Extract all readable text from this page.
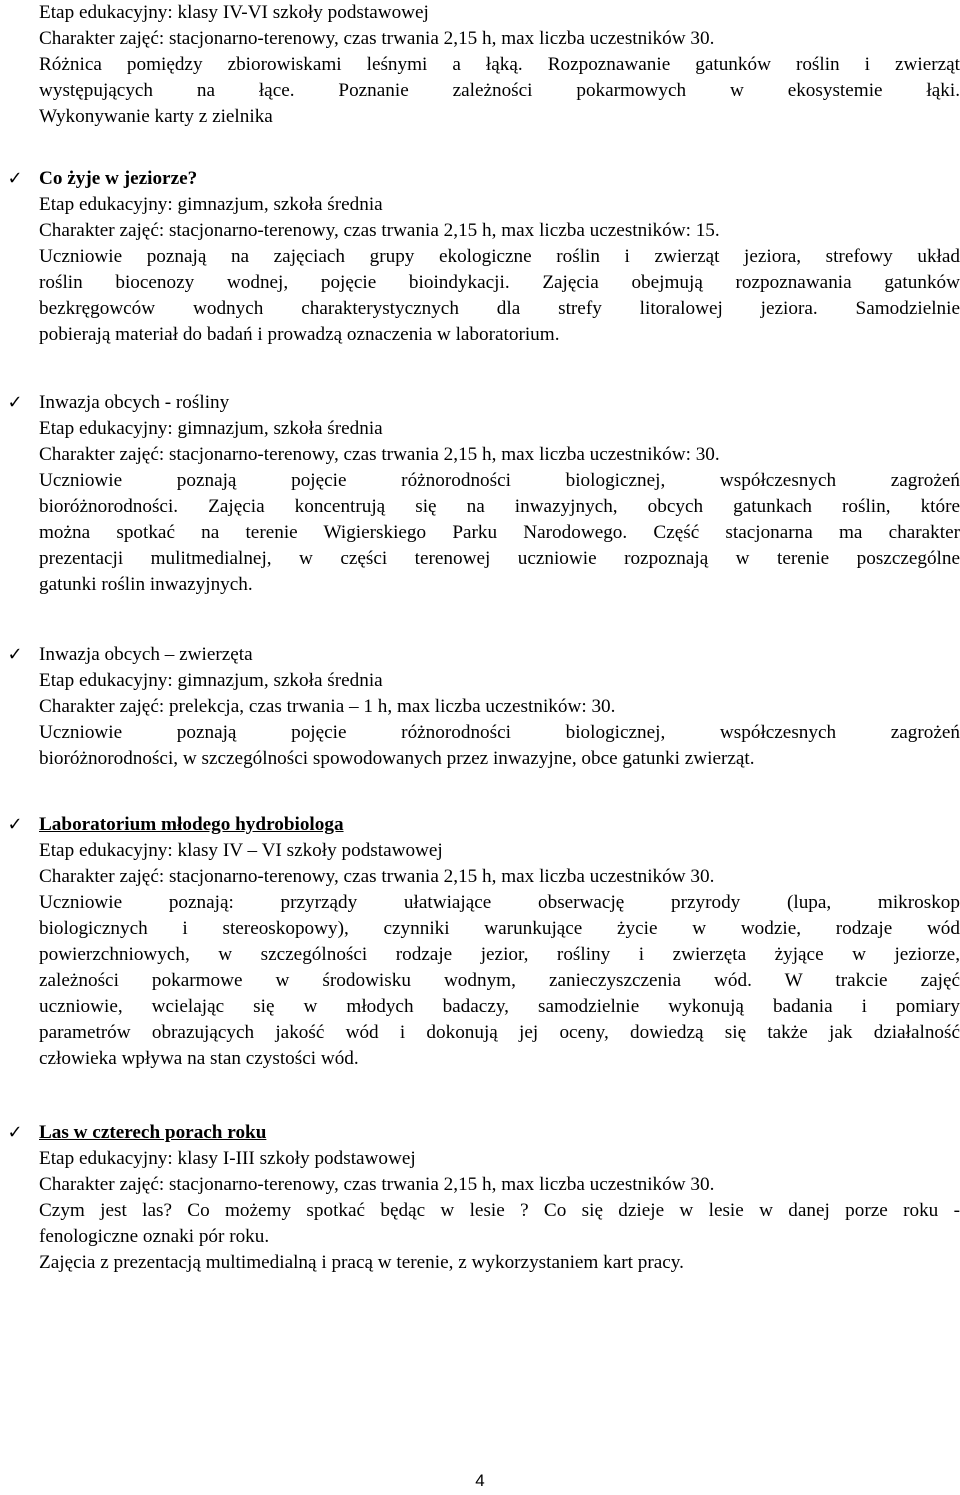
Etap edukacyjny: klasy IV-VI szkoły podstawowej
Charakter zajęć: stacjonarno-terenowy, czas trwania 2,15 h, max liczba uczestników 30.
Różnica pomiędzy zbiorowiskami leśnymi a łąką. Rozpoznawanie gatunków roślin i zwierząt
występujących na łące. Poznanie zależności pokarmowych w ekosystemie łąki.
Wykonywanie karty z zielnika
✓ Co żyje w jeziorze?
Etap edukacyjny: gimnazjum, szkoła średnia
Charakter zajęć: stacjonarno-terenowy, czas trwania 2,15 h, max liczba uczestników: 15.
Uczniowie poznają na zajęciach grupy ekologiczne roślin i zwierząt jeziora, strefowy układ
roślin biocenozy wodnej, pojęcie bioindykacji. Zajęcia obejmują rozpoznawania gatunków
bezkręgowców wodnych charakterystycznych dla strefy litoralowej jeziora. Samodzielnie
pobierają materiał do badań i prowadzą oznaczenia w laboratorium.
✓ Inwazja obcych - rośliny
Etap edukacyjny: gimnazjum, szkoła średnia
Charakter zajęć: stacjonarno-terenowy, czas trwania 2,15 h, max liczba uczestników: 30.
Uczniowie poznają pojęcie różnorodności biologicznej, współczesnych zagrożeń
bioróżnorodności. Zajęcia koncentrują się na inwazyjnych, obcych gatunkach roślin, które
można spotkać na terenie Wigierskiego Parku Narodowego. Część stacjonarna ma charakter
prezentacji mulitmedialnej, w części terenowej uczniowie rozpoznają w terenie poszczególne
gatunki roślin inwazyjnych.
✓ Inwazja obcych – zwierzęta
Etap edukacyjny: gimnazjum, szkoła średnia
Charakter zajęć: prelekcja, czas trwania – 1 h, max liczba uczestników: 30.
Uczniowie poznają pojęcie różnorodności biologicznej, współczesnych zagrożeń
bioróżnorodności, w szczególności spowodowanych przez inwazyjne, obce gatunki zwierząt.
✓ Laboratorium młodego hydrobiologa
Etap edukacyjny: klasy IV – VI szkoły podstawowej
Charakter zajęć: stacjonarno-terenowy, czas trwania 2,15 h, max liczba uczestników 30.
Uczniowie poznają: przyrządy ułatwiające obserwację przyrody (lupa, mikroskop
biologicznych i stereoskopowy), czynniki warunkujące życie w wodzie, rodzaje wód
powierzchniowych, w szczególności rodzaje jezior, rośliny i zwierzęta żyjące w jeziorze,
zależności pokarmowe w środowisku wodnym, zanieczyszczenia wód. W trakcie zajęć
uczniowie, wcielając się w młodych badaczy, samodzielnie wykonują badania i pomiary
parametrów obrazujących jakość wód i dokonują jej oceny, dowiedzą się także jak działalność
człowieka wpływa na stan czystości wód.
✓ Las w czterech porach roku
Etap edukacyjny: klasy I-III szkoły podstawowej
Charakter zajęć: stacjonarno-terenowy, czas trwania 2,15 h, max liczba uczestników 30.
Czym jest las? Co możemy spotkać będąc w lesie ? Co się dzieje w lesie w danej porze roku -
fenologiczne oznaki pór roku.
Zajęcia z prezentacją multimedialną i pracą w terenie, z wykorzystaniem kart pracy.
4
